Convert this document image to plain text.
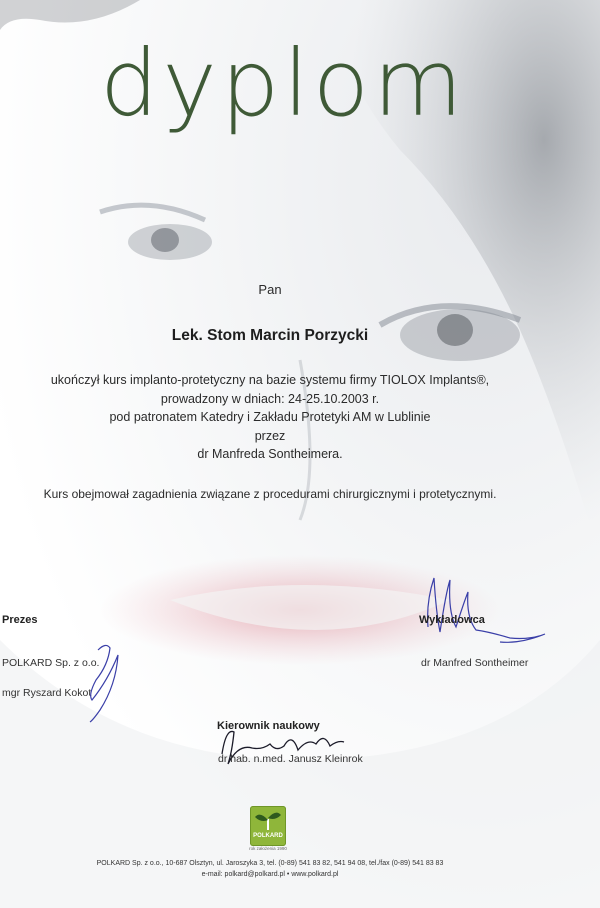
dyplom
Pan
Lek. Stom Marcin Porzycki
ukończył kurs implanto-protetyczny na bazie systemu firmy TIOLOX Implants®,
prowadzony w dniach: 24-25.10.2003 r.
pod patronatem Katedry i Zakładu Protetyki AM w Lublinie
przez
dr Manfreda Sontheimera.
Kurs obejmował zagadnienia związane z procedurami chirurgicznymi i protetycznymi.
Prezes
POLKARD Sp. z o.o.
mgr Ryszard Kokot
Wykładowca
dr Manfred Sontheimer
Kierownik naukowy
dr hab. n.med. Janusz Kleinrok
POLKARD
rok założenia 1990
POLKARD Sp. z o.o., 10-687 Olsztyn, ul. Jaroszyka 3, tel. (0-89) 541 83 82, 541 94 08, tel./fax (0-89) 541 83 83
e-mail: polkard@polkard.pl • www.polkard.pl
